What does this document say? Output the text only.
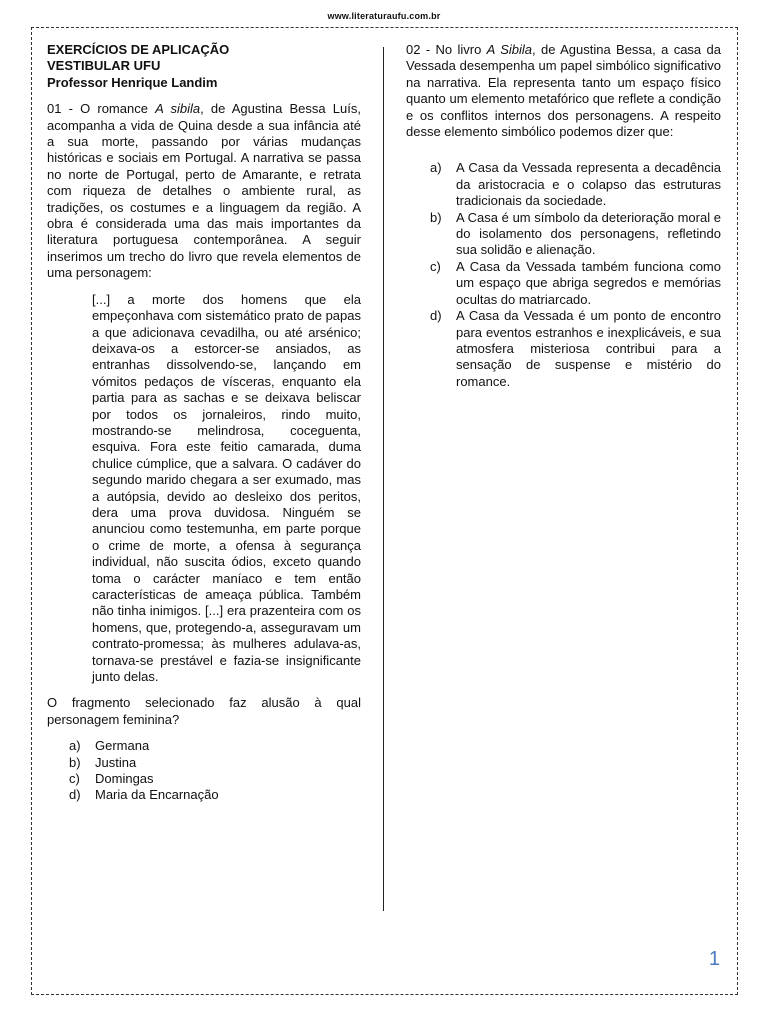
www.literaturaufu.com.br
EXERCÍCIOS DE APLICAÇÃO
VESTIBULAR UFU
Professor Henrique Landim

01 - O romance A sibila, de Agustina Bessa Luís, acompanha a vida de Quina desde a sua infância até a sua morte, passando por várias mudanças históricas e sociais em Portugal. A narrativa se passa no norte de Portugal, perto de Amarante, e retrata com riqueza de detalhes o ambiente rural, as tradições, os costumes e a linguagem da região. A obra é considerada uma das mais importantes da literatura portuguesa contemporânea. A seguir inserimos um trecho do livro que revela elementos de uma personagem:

[...] a morte dos homens que ela empeçonhava com sistemático prato de papas a que adicionava cevadilha, ou até arsénico; deixava-os a estorcer-se ansiados, as entranhas dissolvendo-se, lançando em vómitos pedaços de vísceras, enquanto ela partia para as sachas e se deixava beliscar por todos os jornaleiros, rindo muito, mostrando-se melindrosa, coceguenta, esquiva. Fora este feitio camarada, duma chulice cúmplice, que a salvara. O cadáver do segundo marido chegara a ser exumado, mas a autópsia, devido ao desleixo dos peritos, dera uma prova duvidosa. Ninguém se anunciou como testemunha, em parte porque o crime de morte, a ofensa à segurança individual, não suscita ódios, exceto quando toma o carácter maníaco e tem então características de ameaça pública. Também não tinha inimigos. [...] era prazenteira com os homens, que, protegendo-a, asseguravam um contrato-promessa; às mulheres adulava-as, tornava-se prestável e fazia-se insignificante junto delas.

O fragmento selecionado faz alusão à qual personagem feminina?

a)	Germana
b)	Justina
c)	Domingas
d)	Maria da Encarnação

02 - No livro A Sibila, de Agustina Bessa, a casa da Vessada desempenha um papel simbólico significativo na narrativa. Ela representa tanto um espaço físico quanto um elemento metafórico que reflete a condição e os conflitos internos dos personagens. A respeito desse elemento simbólico podemos dizer que:

a)	A Casa da Vessada representa a decadência da aristocracia e o colapso das estruturas tradicionais da sociedade.
b)	A Casa é um símbolo da deterioração moral e do isolamento dos personagens, refletindo sua solidão e alienação.
c)	A Casa da Vessada também funciona como um espaço que abriga segredos e memórias ocultas do matriarcado.
d)	A Casa da Vessada é um ponto de encontro para eventos estranhos e inexplicáveis, e sua atmosfera misteriosa contribui para a sensação de suspense e mistério do romance.
1
